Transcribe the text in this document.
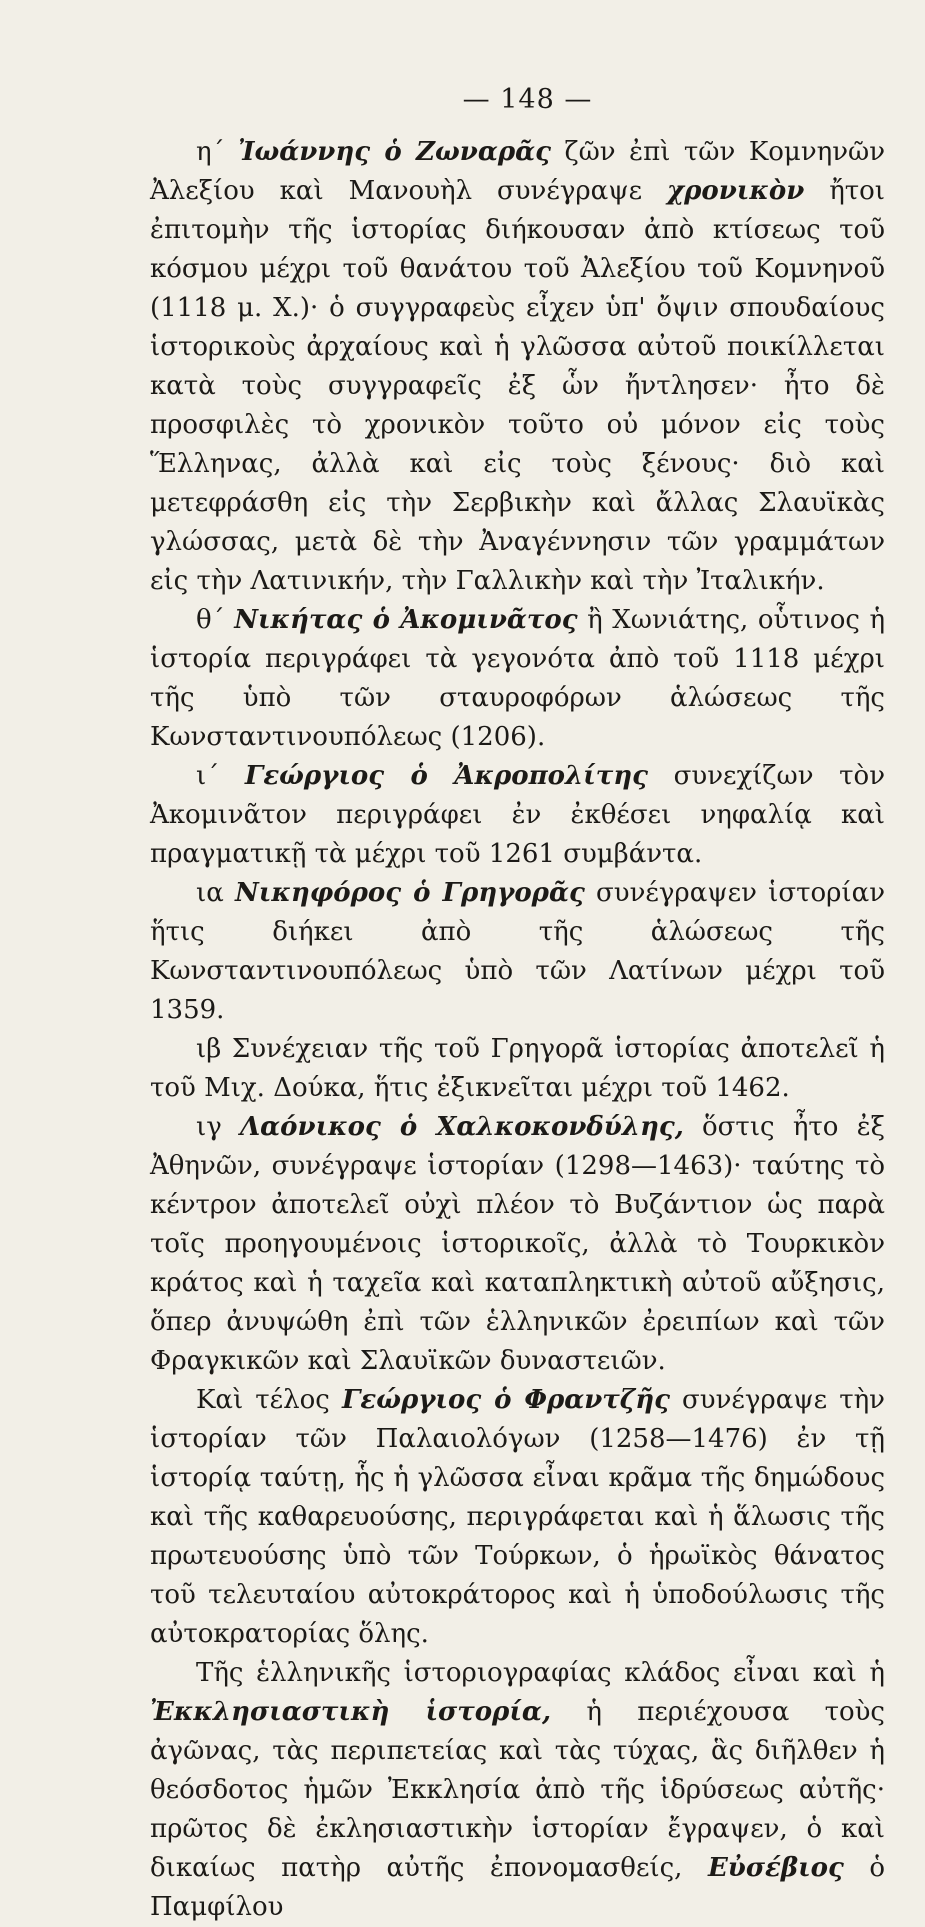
— 148 —

η΄ Ἰωάννης ὁ Ζωναρᾶς ζῶν ἐπὶ τῶν Κομνηνῶν Ἀλεξίου καὶ Μανουὴλ συνέγραψε χρονικὸν ἤτοι ἐπιτομὴν τῆς ἱστορίας διήκουσαν ἀπὸ κτίσεως τοῦ κόσμου μέχρι τοῦ θανάτου τοῦ Ἀλεξίου τοῦ Κομνηνοῦ (1118 μ. Χ.)· ὁ συγγραφεὺς εἶχεν ὑπ' ὄψιν σπουδαίους ἱστορικοὺς ἀρχαίους καὶ ἡ γλῶσσα αὐτοῦ ποικίλλεται κατὰ τοὺς συγγραφεῖς ἐξ ὧν ἤντλησεν· ἦτο δὲ προσφιλὲς τὸ χρονικὸν τοῦτο οὐ μόνον εἰς τοὺς Ἕλληνας, ἀλλὰ καὶ εἰς τοὺς ξένους· διὸ καὶ μετεφράσθη εἰς τὴν Σερβικὴν καὶ ἄλλας Σλαυϊκὰς γλώσσας, μετὰ δὲ τὴν Ἀναγέννησιν τῶν γραμμάτων εἰς τὴν Λατινικήν, τὴν Γαλλικὴν καὶ τὴν Ἰταλικήν.

θ΄ Νικήτας ὁ Ἀκομινᾶτος ἢ Χωνιάτης, οὗτινος ἡ ἱστορία περιγράφει τὰ γεγονότα ἀπὸ τοῦ 1118 μέχρι τῆς ὑπὸ τῶν σταυροφόρων ἁλώσεως τῆς Κωνσταντινουπόλεως (1206).

ι΄ Γεώργιος ὁ Ἀκροπολίτης συνεχίζων τὸν Ἀκομινᾶτον περιγράφει ἐν ἐκθέσει νηφαλίᾳ καὶ πραγματικῇ τὰ μέχρι τοῦ 1261 συμβάντα.

ια Νικηφόρος ὁ Γρηγορᾶς συνέγραψεν ἱστορίαν ἥτις διήκει ἀπὸ τῆς ἁλώσεως τῆς Κωνσταντινουπόλεως ὑπὸ τῶν Λατίνων μέχρι τοῦ 1359.

ιβ Συνέχειαν τῆς τοῦ Γρηγορᾶ ἱστορίας ἀποτελεῖ ἡ τοῦ Μιχ. Δούκα, ἥτις ἐξικνεῖται μέχρι τοῦ 1462.

ιγ Λαόνικος ὁ Χαλκοκονδύλης, ὅστις ἦτο ἐξ Ἀθηνῶν, συνέγραψε ἱστορίαν (1298—1463)· ταύτης τὸ κέντρον ἀποτελεῖ οὐχὶ πλέον τὸ Βυζάντιον ὡς παρὰ τοῖς προηγουμένοις ἱστορικοῖς, ἀλλὰ τὸ Τουρκικὸν κράτος καὶ ἡ ταχεῖα καὶ καταπληκτικὴ αὐτοῦ αὔξησις, ὅπερ ἀνυψώθη ἐπὶ τῶν ἑλληνικῶν ἐρειπίων καὶ τῶν Φραγκικῶν καὶ Σλαυϊκῶν δυναστειῶν.

Καὶ τέλος Γεώργιος ὁ Φραντζῆς συνέγραψε τὴν ἱστορίαν τῶν Παλαιολόγων (1258—1476) ἐν τῇ ἱστορίᾳ ταύτῃ, ἧς ἡ γλῶσσα εἶναι κρᾶμα τῆς δημώδους καὶ τῆς καθαρευούσης, περιγράφεται καὶ ἡ ἅλωσις τῆς πρωτευούσης ὑπὸ τῶν Τούρκων, ὁ ἡρωϊκὸς θάνατος τοῦ τελευταίου αὐτοκράτορος καὶ ἡ ὑποδούλωσις τῆς αὐτοκρατορίας ὅλης.

Τῆς ἑλληνικῆς ἱστοριογραφίας κλάδος εἶναι καὶ ἡ Ἐκκλησιαστικὴ ἱστορία, ἡ περιέχουσα τοὺς ἀγῶνας, τὰς περιπετείας καὶ τὰς τύχας, ἃς διῆλθεν ἡ θεόσδοτος ἡμῶν Ἐκκλησία ἀπὸ τῆς ἱδρύσεως αὐτῆς· πρῶτος δὲ ἐκλησιαστικὴν ἱστορίαν ἔγραψεν, ὁ καὶ δικαίως πατὴρ αὐτῆς ἐπονομασθείς, Εὐσέβιος ὁ Παμφίλου
